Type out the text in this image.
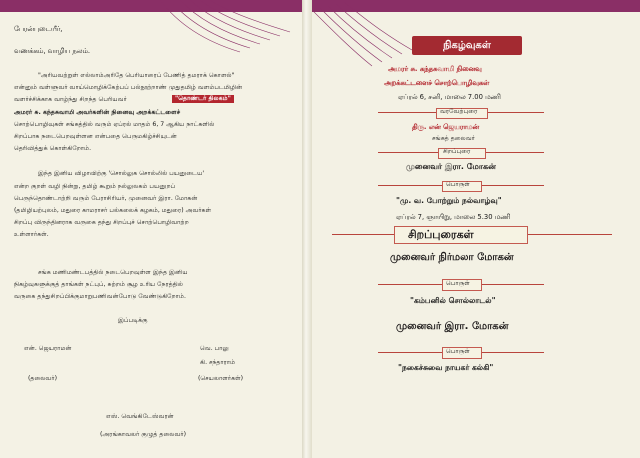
பேரன்புடையீர்,
வணக்கம், வாழிய நலம்.
"அரியவற்றுள் எல்லாம்அரிதே பெரியாரைப் பேணித் தமராக் கொளல்"
என்னும் வள்ளுவர் வாய்மொழிக்கேற்பப் பல்நூற்றாண் முதுதமிழ் வளம்படமிழின்
வளர்ச்சிக்காக வாழ்ந்து சிறந்த பெரியவர்	"தொண்டர் திலகம்"
அமரர் சு. கந்தசுவாமி அவர்களின் நினைவு அறக்கட்டளைச்
சொற்பொழிவுகள் சங்கத்தில் வரும் ஏப்ரல் மாதம் 6, 7 ஆகிய நாட்களில்
சிறப்பாக நடைபெறவுள்ளன என்பதை பெருமகிழ்ச்சியுடன்
தெரிவித்துக் கொள்கிறோம்.
இந்த இனிய விழாவிற்கு 'சொல்லுக சொல்லில் பயனுடைய'
என்ற குறள் வழி நின்று, தமிழ் கூறும் நல்லுலகம் பயனுறப்
பெருந்தொண்டாற்றி வரும் பேராசிரியர், முனைவர் இரா. மோகன்
(தமிழியற்புலம், மதுரை காமராசர் பல்கலைக் கழகம், மதுரை) அவர்கள்
சிறப்பு விருந்தினராக வருகை தந்து சிறப்புச் சொற்பொழிவாற்ற
உள்ளார்கள்.
சங்க மணிமண்டபத்தில் நடைபெறவுள்ள இந்த இனிய
நிகழ்வுகளுக்குத் தாங்கள் நட்புப், சுற்றம் சூழ உரிய நேரத்தில்
வருகை தந்துசிறப்பிக்குமாறுபணிவன்போடு வேண்டுகிறோம்.
இப்படிக்கு
என். ஜெயராமன்
(தலைவர்)
வெ. பாலு
கி. சந்தாராம்
(செயலாளர்கள்)
எஸ். வெங்கிடேஸ்வரன்
(அரங்காவலர் குழுத் தலைவர்)
நிகழ்வுகள்
அமரர் சு. கந்தசுவாமி நினைவு
அறக்கட்டளைச் சொற்பொழிவுகள்
ஏப்ரல் 6, சனி, மாலை 7.00 மணி
வரவேற்புரை
திரு. என் ஜெயராமன்
சங்கத் தலைவர்
சிறப்புரை
முனைவர் இரா. மோகன்
பொருள்
"மு. வ. போற்றும் நல்வாழ்வு"
ஏப்ரல் 7, ஞாயிறு, மாலை 5.30 மணி
சிறப்புரைகள்
முனைவர் நிர்மலா மோகன்
பொருள்
"கம்பனில் சொல்லாடல்"
முனைவர் இரா. மோகன்
பொருள்
"நகைச்சுவை நாயகர் கல்கி"
